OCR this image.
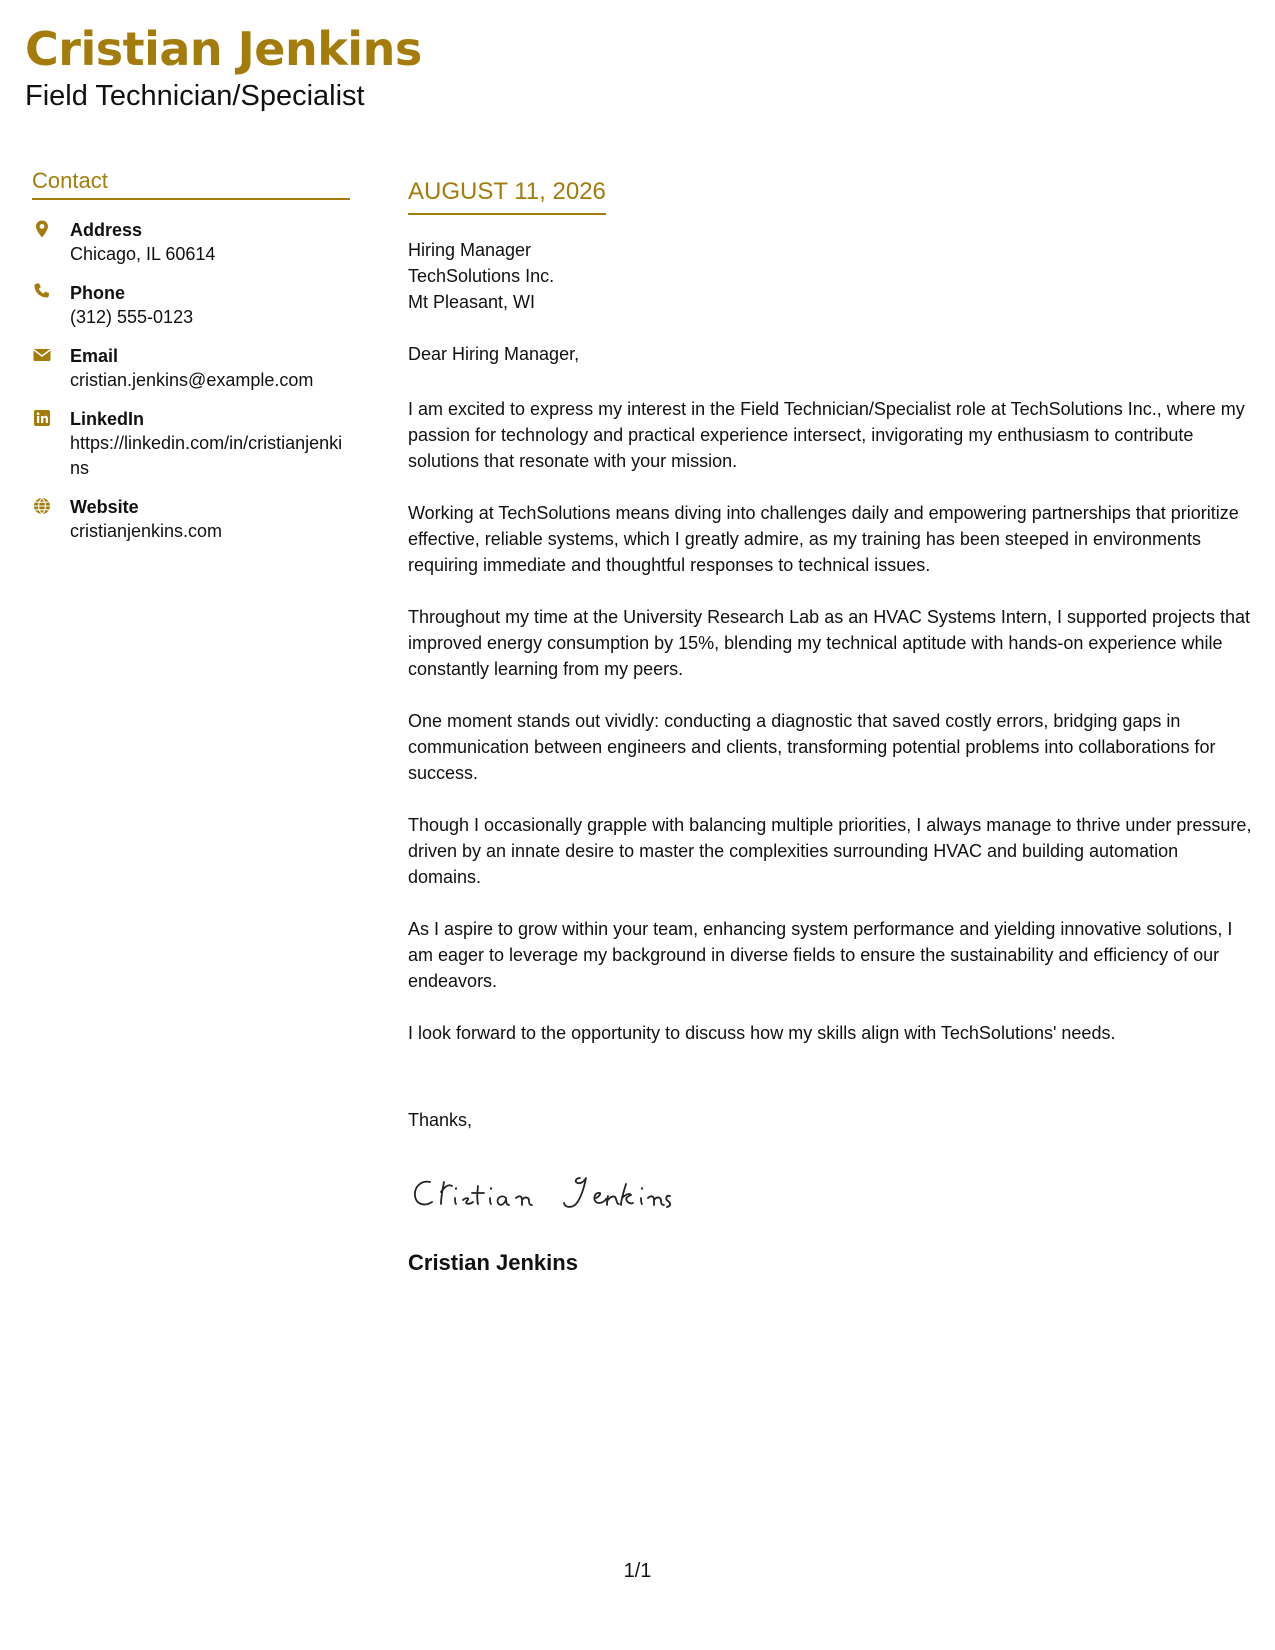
Cristian Jenkins
Field Technician/Specialist
Contact
Address
Chicago, IL 60614
Phone
(312) 555-0123
Email
cristian.jenkins@example.com
LinkedIn
https://linkedin.com/in/cristianjenkins
Website
cristianjenkins.com
AUGUST 11, 2026
Hiring Manager
TechSolutions Inc.
Mt Pleasant, WI
Dear Hiring Manager,

I am excited to express my interest in the Field Technician/Specialist role at TechSolutions Inc., where my passion for technology and practical experience intersect, invigorating my enthusiasm to contribute solutions that resonate with your mission.

Working at TechSolutions means diving into challenges daily and empowering partnerships that prioritize effective, reliable systems, which I greatly admire, as my training has been steeped in environments requiring immediate and thoughtful responses to technical issues.

Throughout my time at the University Research Lab as an HVAC Systems Intern, I supported projects that improved energy consumption by 15%, blending my technical aptitude with hands-on experience while constantly learning from my peers.

One moment stands out vividly: conducting a diagnostic that saved costly errors, bridging gaps in communication between engineers and clients, transforming potential problems into collaborations for success.

Though I occasionally grapple with balancing multiple priorities, I always manage to thrive under pressure, driven by an innate desire to master the complexities surrounding HVAC and building automation domains.

As I aspire to grow within your team, enhancing system performance and yielding innovative solutions, I am eager to leverage my background in diverse fields to ensure the sustainability and efficiency of our endeavors.

I look forward to the opportunity to discuss how my skills align with TechSolutions' needs.

Thanks,
Cristian Jenkins
1/1
